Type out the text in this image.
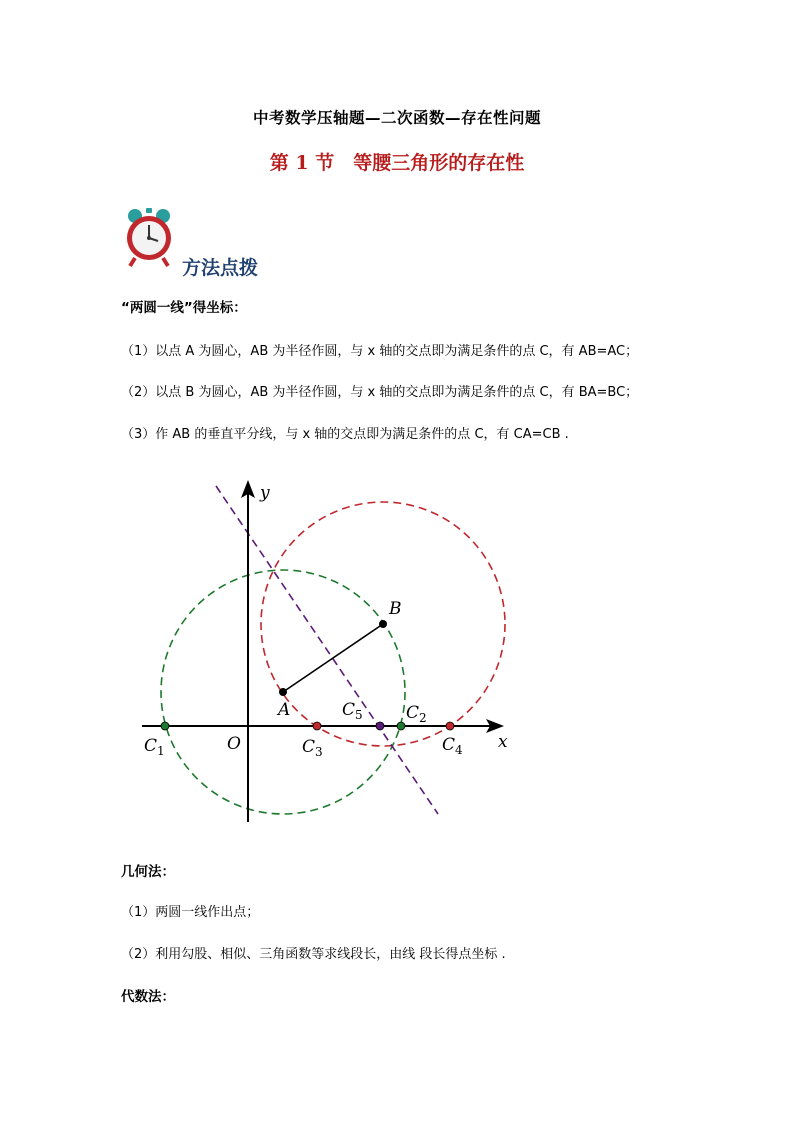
中考数学压轴题—二次函数—存在性问题
第 1 节　等腰三角形的存在性
方法点拨
“两圆一线”得坐标：
（1）以点 A 为圆心，AB 为半径作圆，与 x 轴的交点即为满足条件的点 C，有 AB=AC；
（2）以点 B 为圆心，AB 为半径作圆，与 x 轴的交点即为满足条件的点 C，有 BA=BC；
（3）作 AB 的垂直平分线，与 x 轴的交点即为满足条件的点 C，有 CA=CB .
y
x
O
A
B
$C_1$	$C_3$	$C_4$
$C_5$	$C_2$
几何法：
（1）两圆一线作出点；
（2）利用勾股、相似、三角函数等求线段长，由线 段长得点坐标 .
代数法：
